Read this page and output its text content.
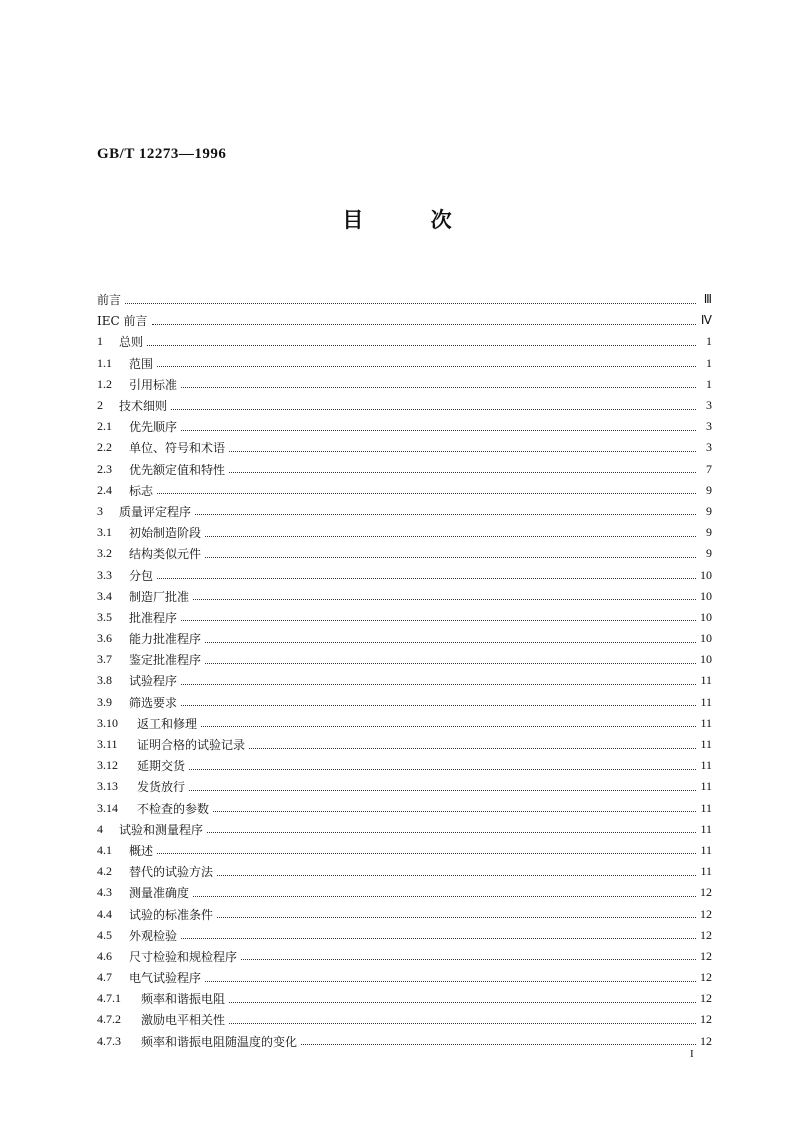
GB/T 12273—1996
目	次
前言	Ⅲ
IEC 前言	Ⅳ
1	总则	1
1.1	范围	1
1.2	引用标准	1
2	技术细则	3
2.1	优先顺序	3
2.2	单位、符号和术语	3
2.3	优先额定值和特性	7
2.4	标志	9
3	质量评定程序	9
3.1	初始制造阶段	9
3.2	结构类似元件	9
3.3	分包	10
3.4	制造厂批准	10
3.5	批准程序	10
3.6	能力批准程序	10
3.7	鉴定批准程序	10
3.8	试验程序	11
3.9	筛选要求	11
3.10	返工和修理	11
3.11	证明合格的试验记录	11
3.12	延期交货	11
3.13	发货放行	11
3.14	不检查的参数	11
4	试验和测量程序	11
4.1	概述	11
4.2	替代的试验方法	11
4.3	测量准确度	12
4.4	试验的标准条件	12
4.5	外观检验	12
4.6	尺寸检验和规检程序	12
4.7	电气试验程序	12
4.7.1	频率和谐振电阻	12
4.7.2	激励电平相关性	12
4.7.3	频率和谐振电阻随温度的变化	12
I
